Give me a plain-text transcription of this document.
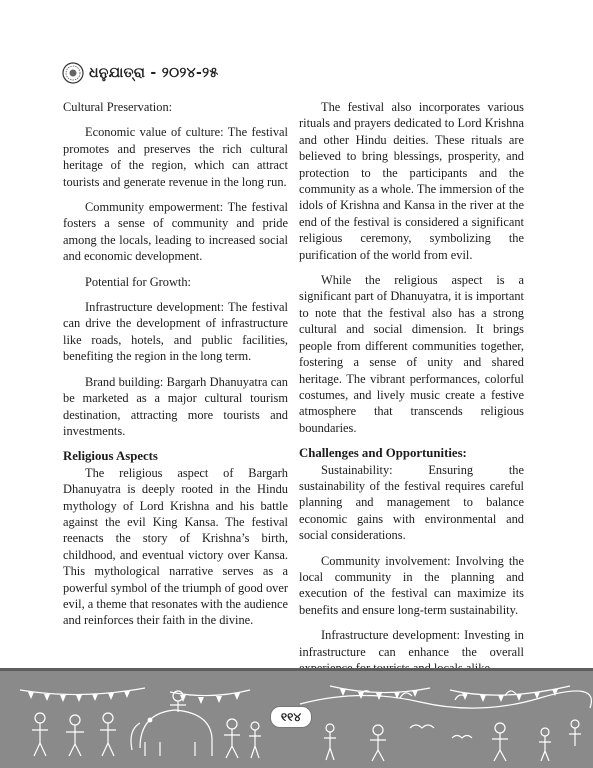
ଧନୁଯାତ୍ରା - ୨୦୨୪-୨୫

Cultural Preservation:

Economic value of culture: The festival promotes and preserves the rich cultural heritage of the region, which can attract tourists and generate revenue in the long run.

Community empowerment: The festival fosters a sense of community and pride among the locals, leading to increased social and economic development.

Potential for Growth:

Infrastructure development: The festival can drive the development of infrastructure like roads, hotels, and public facilities, benefiting the region in the long term.

Brand building: Bargarh Dhanuyatra can be marketed as a major cultural tourism destination, attracting more tourists and investments.

Religious Aspects

The religious aspect of Bargarh Dhanuyatra is deeply rooted in the Hindu mythology of Lord Krishna and his battle against the evil King Kansa. The festival reenacts the story of Krishna’s birth, childhood, and eventual victory over Kansa. This mythological narrative serves as a powerful symbol of the triumph of good over evil, a theme that resonates with the audience and reinforces their faith in the divine.

The festival also incorporates various rituals and prayers dedicated to Lord Krishna and other Hindu deities. These rituals are believed to bring blessings, prosperity, and protection to the participants and the community as a whole. The immersion of the idols of Krishna and Kansa in the river at the end of the festival is considered a significant religious ceremony, symbolizing the purification of the world from evil.

While the religious aspect is a significant part of Dhanuyatra, it is important to note that the festival also has a strong cultural and social dimension. It brings people from different communities together, fostering a sense of unity and shared heritage. The vibrant performances, colorful costumes, and lively music create a festive atmosphere that transcends religious boundaries.

Challenges and Opportunities:

Sustainability: Ensuring the sustainability of the festival requires careful planning and management to balance economic gains with environmental and social considerations.

Community involvement: Involving the local community in the planning and execution of the festival can maximize its benefits and ensure long-term sustainability.

Infrastructure development: Investing in infrastructure can enhance the overall

୧୧୪
